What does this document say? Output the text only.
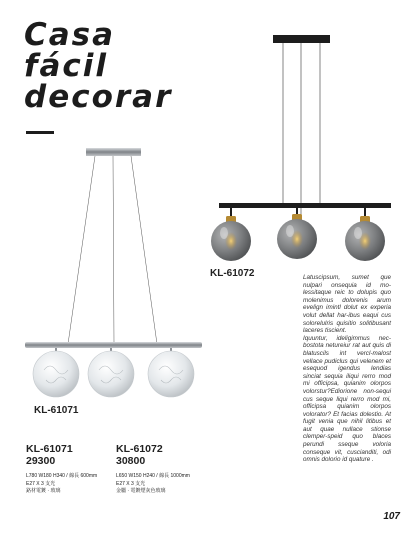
Casa
fácil
decorar
KL-61072
KL-61071
KL-61071
29300
L780 W180 H340 / 線長 600mm
E27 X 3 支光
鉻材電鍍 · 玻璃
KL-61072
30800
L650 W150 H240 / 線長 1000mm
E27 X 3 支光
金屬 · 電鍍煙灰色玻璃

Latuscipsum, sumet que nulpari onsequia id mo-lessitaque reic to dolupis quo molenimus dolorenis arum evelign imintl dolut ex experia volut dellat har-ibus eaqui cus solorelulris quisitio solitibusant laceres tiscient.
Iquuntur, ideligimmus nec-bostota netureiur rat aut quis di blatuscils int vercl-malost vellace pudiclus qui velenem et esequod igendus lendias sinciat sequia iliqui rerro mod mi officipsa, quianim olorpos volorstur?Ediorione non-sequi cus seque liqui rerro mod mi, officipsa quianim olorpos volorator? Et facias dolestio. At fugit venia que nihil litibus et aut quae nullace stionse clemper-speid quo blaces perundi sseque voloria conseque vit, cuscianditi, odi omnis dolorio id quature .

107
